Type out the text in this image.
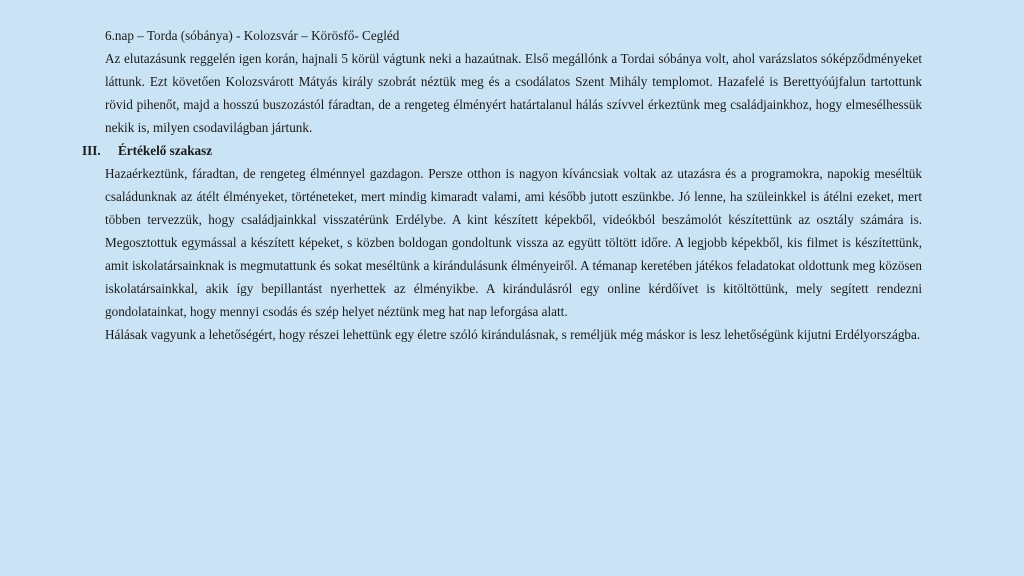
6.nap – Torda (sóbánya) - Kolozsvár – Körösfő- Cegléd

Az elutazásunk reggelén igen korán, hajnali 5 körül vágtunk neki a hazaútnak. Első megállónk a Tordai sóbánya volt, ahol varázslatos sóképződményeket láttunk. Ezt követően Kolozsvárott Mátyás király szobrát néztük meg és a csodálatos Szent Mihály templomot. Hazafelé is Berettyóújfalun tartottunk rövid pihenőt, majd a hosszú buszozástól fáradtan, de a rengeteg élményért határtalanul hálás szívvel érkeztünk meg családjainkhoz, hogy elmesélhessük nekik is, milyen csodavilágban jártunk.

III.	Értékelő szakasz

Hazaérkeztünk, fáradtan, de rengeteg élménnyel gazdagon. Persze otthon is nagyon kíváncsiak voltak az utazásra és a programokra, napokig meséltük családunknak az átélt élményeket, történeteket, mert mindig kimaradt valami, ami később jutott eszünkbe. Jó lenne, ha szüleinkkel is átélni ezeket, mert többen tervezzük, hogy családjainkkal visszatérünk Erdélybe. A kint készített képekből, videókból beszámolót készítettünk az osztály számára is. Megosztottuk egymással a készített képeket, s közben boldogan gondoltunk vissza az együtt töltött időre. A legjobb képekből, kis filmet is készítettünk, amit iskolatársainknak is megmutattunk és sokat meséltünk a kirándulásunk élményeiről. A témanap keretében játékos feladatokat oldottunk meg közösen iskolatársainkkal, akik így bepillantást nyerhettek az élményikbe. A kirándulásról egy online kérdőívet is kitöltöttünk, mely segített rendezni gondolatainkat, hogy mennyi csodás és szép helyet néztünk meg hat nap leforgása alatt.

Hálásak vagyunk a lehetőségért, hogy részei lehettünk egy életre szóló kirándulásnak, s reméljük még máskor is lesz lehetőségünk kijutni Erdélyországba.
